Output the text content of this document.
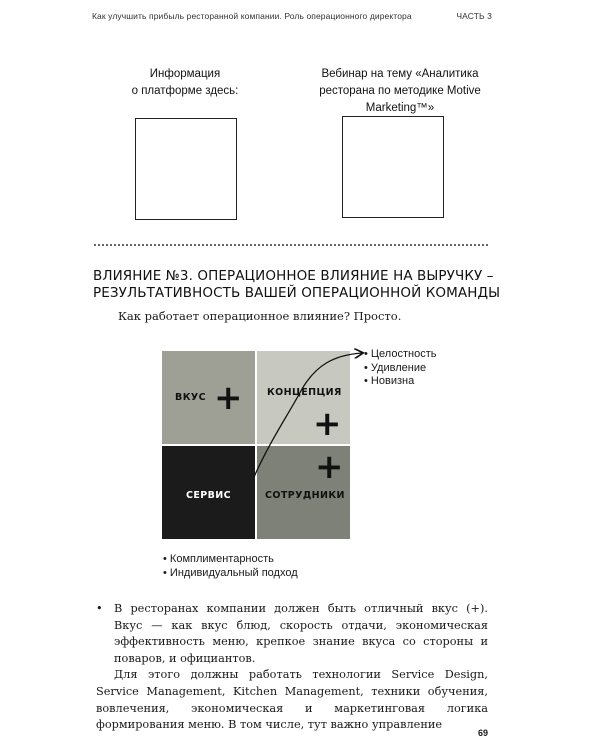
Как улучшить прибыль ресторанной компании. Роль операционного директора	ЧАСТЬ 3
Информация
о платформе здесь:
Вебинар на тему «Аналитика
ресторана по методике Motive Marketing™»
ВЛИЯНИЕ №3. ОПЕРАЦИОННОЕ ВЛИЯНИЕ НА ВЫРУЧКУ –
РЕЗУЛЬТАТИВНОСТЬ ВАШЕЙ ОПЕРАЦИОННОЙ КОМАНДЫ
Как работает операционное влияние? Просто.
ВКУС +	КОНЦЕПЦИЯ
+
СЕРВИС	СОТРУДНИКИ
+
• Целостность
• Удивление
• Новизна
• Комплиментарность
• Индивидуальный подход

• В ресторанах компании должен быть отличный вкус (+). Вкус — как вкус блюд, скорость отдачи, экономическая эффективность меню, крепкое знание вкуса со стороны и поваров, и официантов.

Для этого должны работать технологии Service Design, Service Management, Kitchen Management, техники обучения, вовлечения, экономическая и маркетинговая логика формирования меню. В том числе, тут важно управление

69
